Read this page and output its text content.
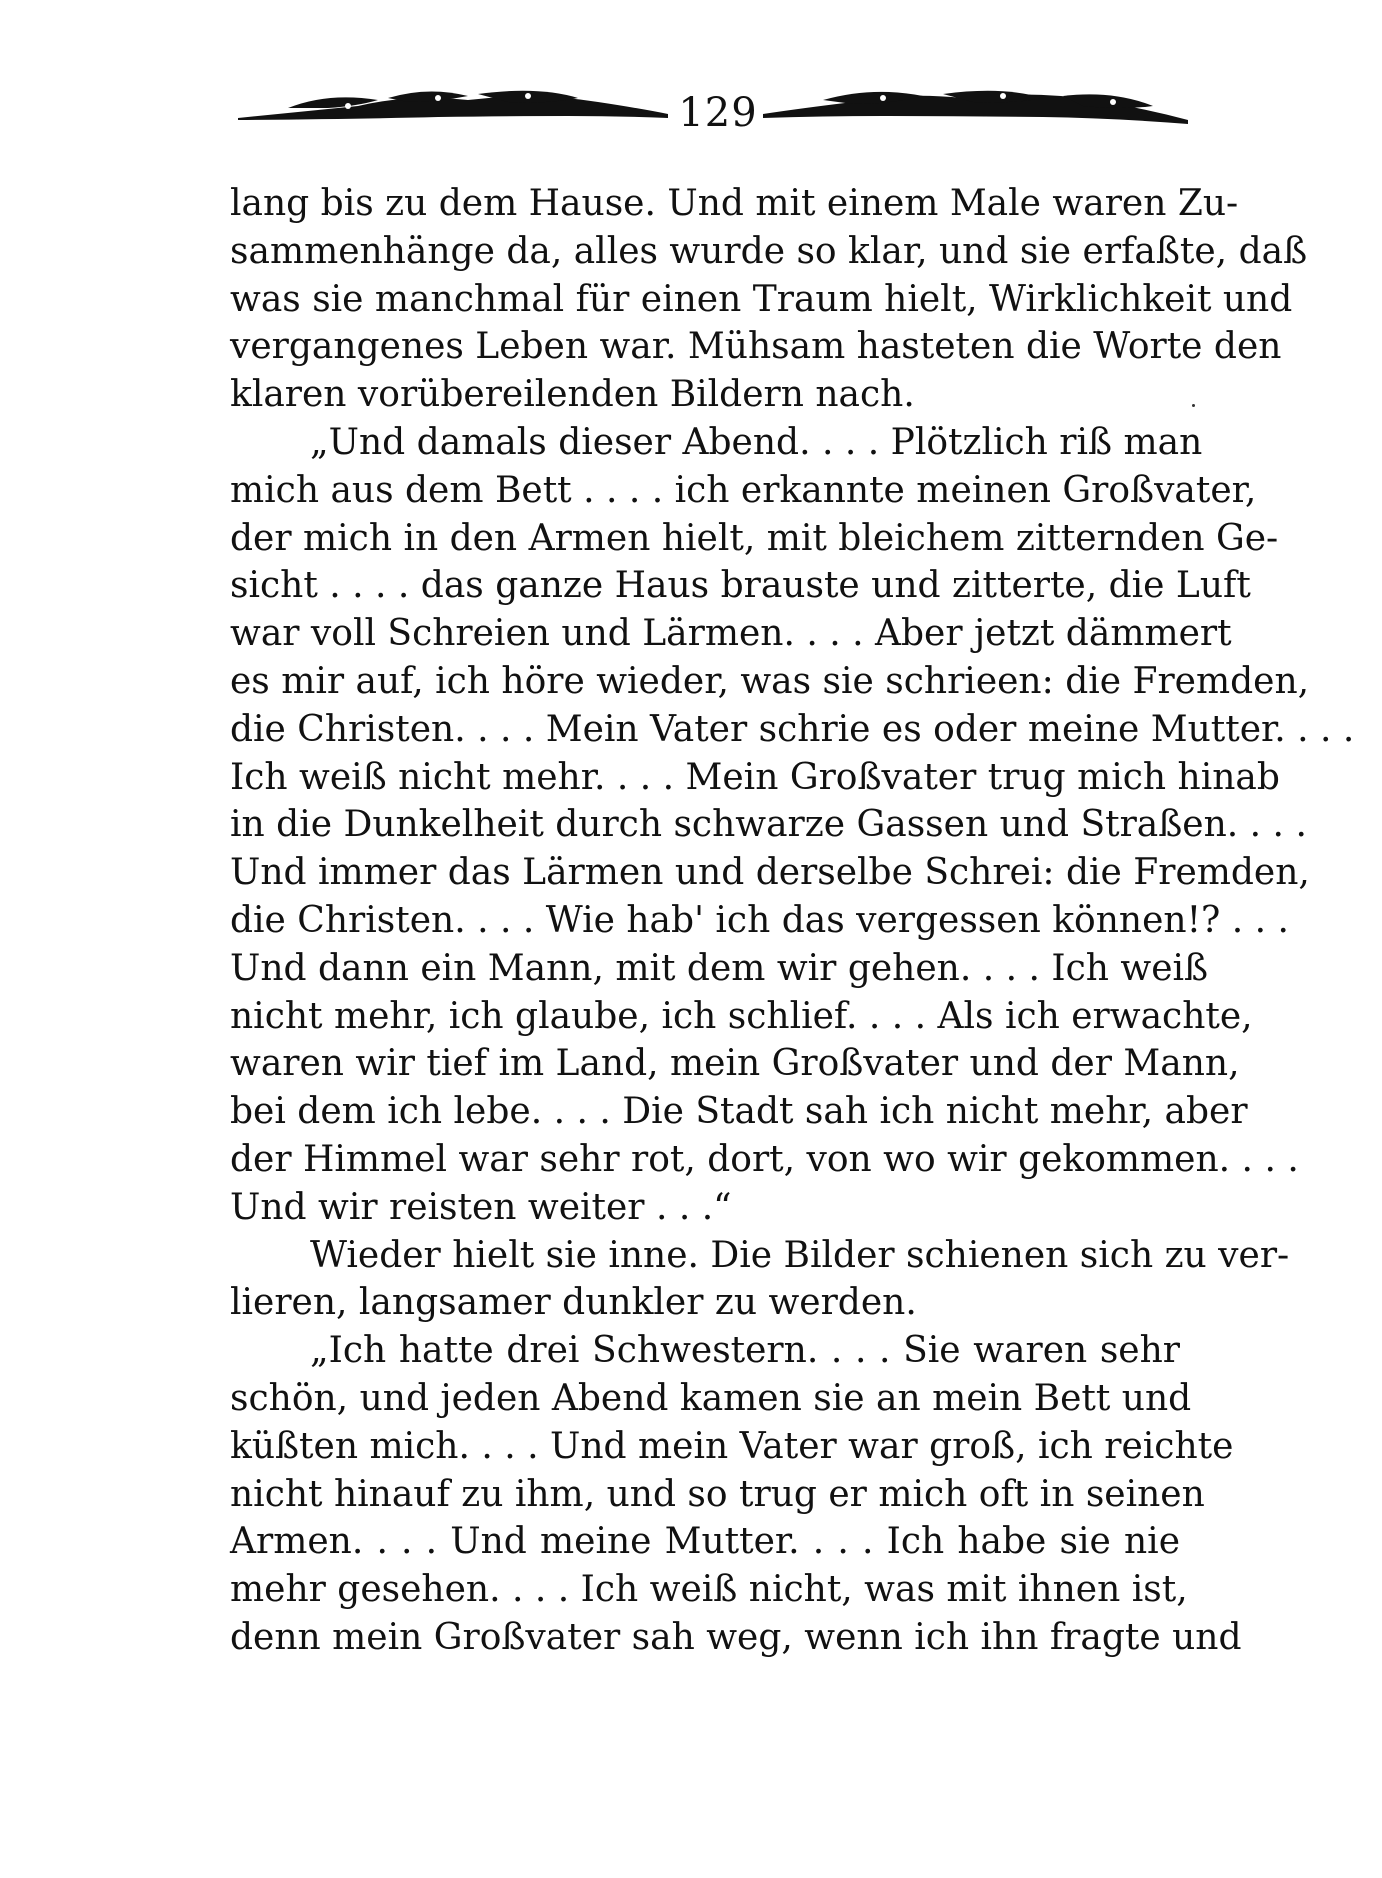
129
lang bis zu dem Hause. Und mit einem Male waren Zu-
sammenhänge da, alles wurde so klar, und sie erfaßte, daß
was sie manchmal für einen Traum hielt, Wirklichkeit und
vergangenes Leben war. Mühsam hasteten die Worte den
klaren vorübereilenden Bildern nach.
„Und damals dieser Abend. . . . Plötzlich riß man
mich aus dem Bett . . . . ich erkannte meinen Großvater,
der mich in den Armen hielt, mit bleichem zitternden Ge-
sicht . . . . das ganze Haus brauste und zitterte, die Luft
war voll Schreien und Lärmen. . . . Aber jetzt dämmert
es mir auf, ich höre wieder, was sie schrieen: die Fremden,
die Christen. . . . Mein Vater schrie es oder meine Mutter. . . .
Ich weiß nicht mehr. . . . Mein Großvater trug mich hinab
in die Dunkelheit durch schwarze Gassen und Straßen. . . .
Und immer das Lärmen und derselbe Schrei: die Fremden,
die Christen. . . . Wie hab' ich das vergessen können!? . . .
Und dann ein Mann, mit dem wir gehen. . . . Ich weiß
nicht mehr, ich glaube, ich schlief. . . . Als ich erwachte,
waren wir tief im Land, mein Großvater und der Mann,
bei dem ich lebe. . . . Die Stadt sah ich nicht mehr, aber
der Himmel war sehr rot, dort, von wo wir gekommen. . . .
Und wir reisten weiter . . .“
Wieder hielt sie inne. Die Bilder schienen sich zu ver-
lieren, langsamer dunkler zu werden.
„Ich hatte drei Schwestern. . . . Sie waren sehr
schön, und jeden Abend kamen sie an mein Bett und
küßten mich. . . . Und mein Vater war groß, ich reichte
nicht hinauf zu ihm, und so trug er mich oft in seinen
Armen. . . . Und meine Mutter. . . . Ich habe sie nie
mehr gesehen. . . . Ich weiß nicht, was mit ihnen ist,
denn mein Großvater sah weg, wenn ich ihn fragte und
